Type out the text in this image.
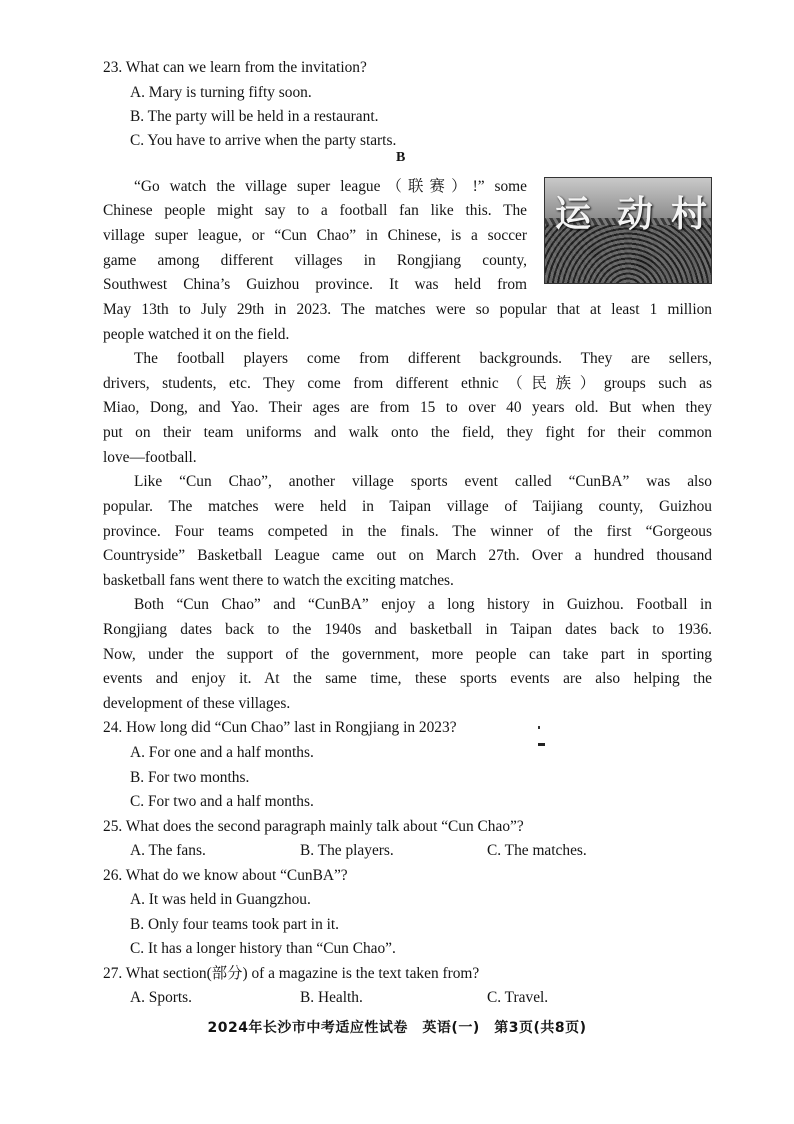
23. What can we learn from the invitation?
A. Mary is turning fifty soon.
B. The party will be held in a restaurant.
C. You have to arrive when the party starts.
B
运 动 村
“Go watch the village super league（联赛）!” some
Chinese people might say to a football fan like this. The
village super league, or “Cun Chao” in Chinese, is a soccer
game among different villages in Rongjiang county,
Southwest China’s Guizhou province. It was held from
May 13th to July 29th in 2023. The matches were so popular that at least 1 million
people watched it on the field.
The football players come from different backgrounds. They are sellers,
drivers, students, etc. They come from different ethnic（民族）groups such as
Miao, Dong, and Yao. Their ages are from 15 to over 40 years old. But when they
put on their team uniforms and walk onto the field, they fight for their common
love—football.
Like “Cun Chao”, another village sports event called “CunBA” was also
popular. The matches were held in Taipan village of Taijiang county, Guizhou
province. Four teams competed in the finals. The winner of the first “Gorgeous
Countryside” Basketball League came out on March 27th. Over a hundred thousand
basketball fans went there to watch the exciting matches.
Both “Cun Chao” and “CunBA” enjoy a long history in Guizhou. Football in
Rongjiang dates back to the 1940s and basketball in Taipan dates back to 1936.
Now, under the support of the government, more people can take part in sporting
events and enjoy it. At the same time, these sports events are also helping the
development of these villages.
24. How long did “Cun Chao” last in Rongjiang in 2023?
A. For one and a half months.
B. For two months.
C. For two and a half months.
25. What does the second paragraph mainly talk about “Cun Chao”?
A. The fans.	B. The players.	C. The matches.
26. What do we know about “CunBA”?
A. It was held in Guangzhou.
B. Only four teams took part in it.
C. It has a longer history than “Cun Chao”.
27. What section(部分) of a magazine is the text taken from?
A. Sports.	B. Health.	C. Travel.
2024年长沙市中考适应性试卷　英语(一)　第3页(共8页)
